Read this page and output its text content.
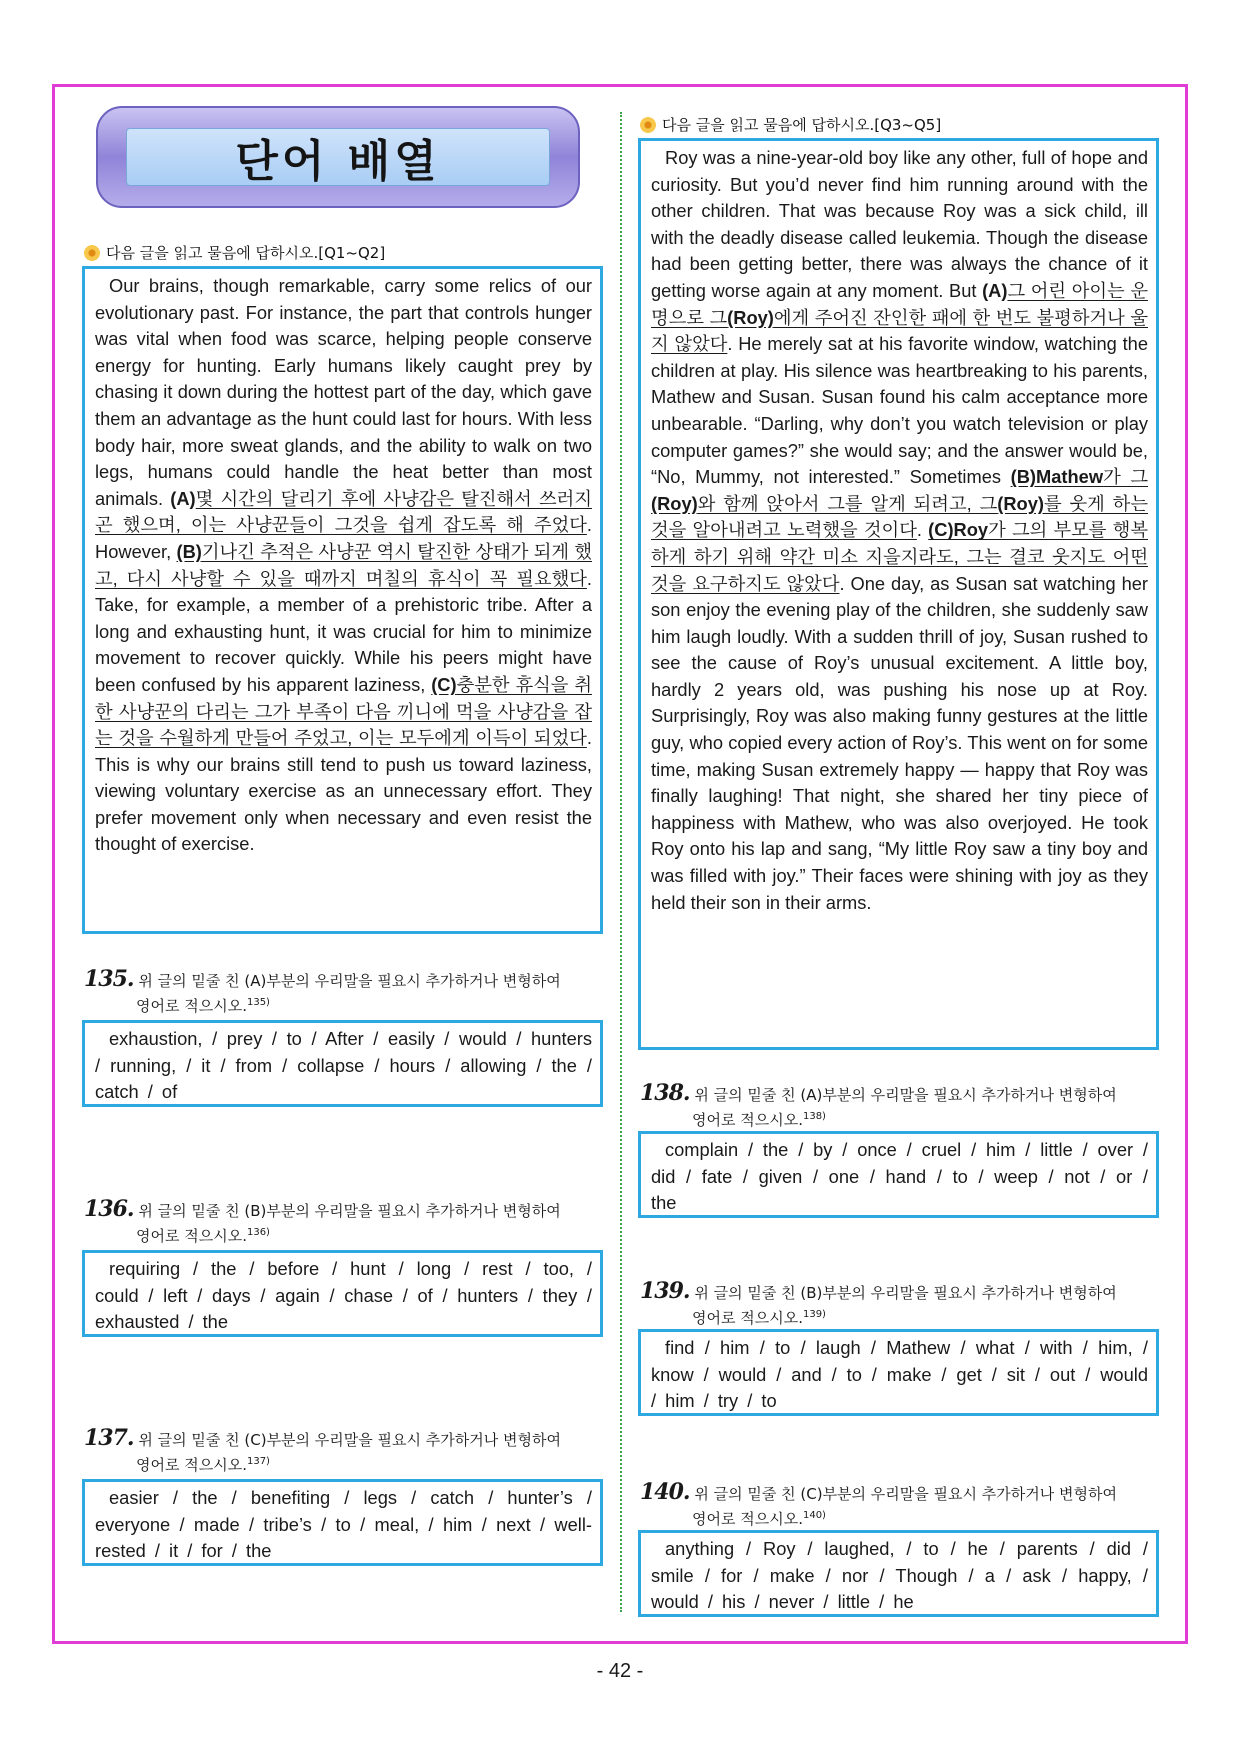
단어 배열
다음 글을 읽고 물음에 답하시오.[Q1~Q2]

Our brains, though remarkable, carry some relics of our evolutionary past. For instance, the part that controls hunger was vital when food was scarce, helping people conserve energy for hunting. Early humans likely caught prey by chasing it down during the hottest part of the day, which gave them an advantage as the hunt could last for hours. With less body hair, more sweat glands, and the ability to walk on two legs, humans could handle the heat better than most animals. (A)몇 시간의 달리기 후에 사냥감은 탈진해서 쓰러지곤 했으며, 이는 사냥꾼들이 그것을 쉽게 잡도록 해 주었다. However, (B)기나긴 추적은 사냥꾼 역시 탈진한 상태가 되게 했고, 다시 사냥할 수 있을 때까지 며칠의 휴식이 꼭 필요했다. Take, for example, a member of a prehistoric tribe. After a long and exhausting hunt, it was crucial for him to minimize movement to recover quickly. While his peers might have been confused by his apparent laziness, (C)충분한 휴식을 취한 사냥꾼의 다리는 그가 부족이 다음 끼니에 먹을 사냥감을 잡는 것을 수월하게 만들어 주었고, 이는 모두에게 이득이 되었다. This is why our brains still tend to push us toward laziness, viewing voluntary exercise as an unnecessary effort. They prefer movement only when necessary and even resist the thought of exercise.

135. 위 글의 밑줄 친 (A)부분의 우리말을 필요시 추가하거나 변형하여
영어로 적으시오.$^{135)}$

exhaustion, / prey / to / After / easily / would / hunters / running, / it / from / collapse / hours / allowing / the / catch / of

136. 위 글의 밑줄 친 (B)부분의 우리말을 필요시 추가하거나 변형하여
영어로 적으시오.$^{136)}$

requiring / the / before / hunt / long / rest / too, / could / left / days / again / chase / of / hunters / they / exhausted / the

137. 위 글의 밑줄 친 (C)부분의 우리말을 필요시 추가하거나 변형하여
영어로 적으시오.$^{137)}$

easier / the / benefiting / legs / catch / hunter’s / everyone / made / tribe’s / to / meal, / him / next / well-rested / it / for / the

다음 글을 읽고 물음에 답하시오.[Q3~Q5]

Roy was a nine-year-old boy like any other, full of hope and curiosity. But you’d never find him running around with the other children. That was because Roy was a sick child, ill with the deadly disease called leukemia. Though the disease had been getting better, there was always the chance of it getting worse again at any moment. But (A)그 어린 아이는 운명으로 그(Roy)에게 주어진 잔인한 패에 한 번도 불평하거나 울지 않았다. He merely sat at his favorite window, watching the children at play. His silence was heartbreaking to his parents, Mathew and Susan. Susan found his calm acceptance more unbearable. “Darling, why don’t you watch television or play computer games?” she would say; and the answer would be, “No, Mummy, not interested.” Sometimes (B)Mathew가 그(Roy)와 함께 앉아서 그를 알게 되려고, 그(Roy)를 웃게 하는 것을 알아내려고 노력했을 것이다. (C)Roy가 그의 부모를 행복하게 하기 위해 약간 미소 지을지라도, 그는 결코 웃지도 어떤 것을 요구하지도 않았다. One day, as Susan sat watching her son enjoy the evening play of the children, she suddenly saw him laugh loudly. With a sudden thrill of joy, Susan rushed to see the cause of Roy’s unusual excitement. A little boy, hardly 2 years old, was pushing his nose up at Roy. Surprisingly, Roy was also making funny gestures at the little guy, who copied every action of Roy’s. This went on for some time, making Susan extremely happy — happy that Roy was finally laughing! That night, she shared her tiny piece of happiness with Mathew, who was also overjoyed. He took Roy onto his lap and sang, “My little Roy saw a tiny boy and was filled with joy.” Their faces were shining with joy as they held their son in their arms.

138. 위 글의 밑줄 친 (A)부분의 우리말을 필요시 추가하거나 변형하여
영어로 적으시오.$^{138)}$

complain / the / by / once / cruel / him / little / over / did / fate / given / one / hand / to / weep / not / or / the

139. 위 글의 밑줄 친 (B)부분의 우리말을 필요시 추가하거나 변형하여
영어로 적으시오.$^{139)}$

find / him / to / laugh / Mathew / what / with / him, / know / would / and / to / make / get / sit / out / would / him / try / to

140. 위 글의 밑줄 친 (C)부분의 우리말을 필요시 추가하거나 변형하여
영어로 적으시오.$^{140)}$

anything / Roy / laughed, / to / he / parents / did / smile / for / make / nor / Though / a / ask / happy, / would / his / never / little / he

- 42 -
